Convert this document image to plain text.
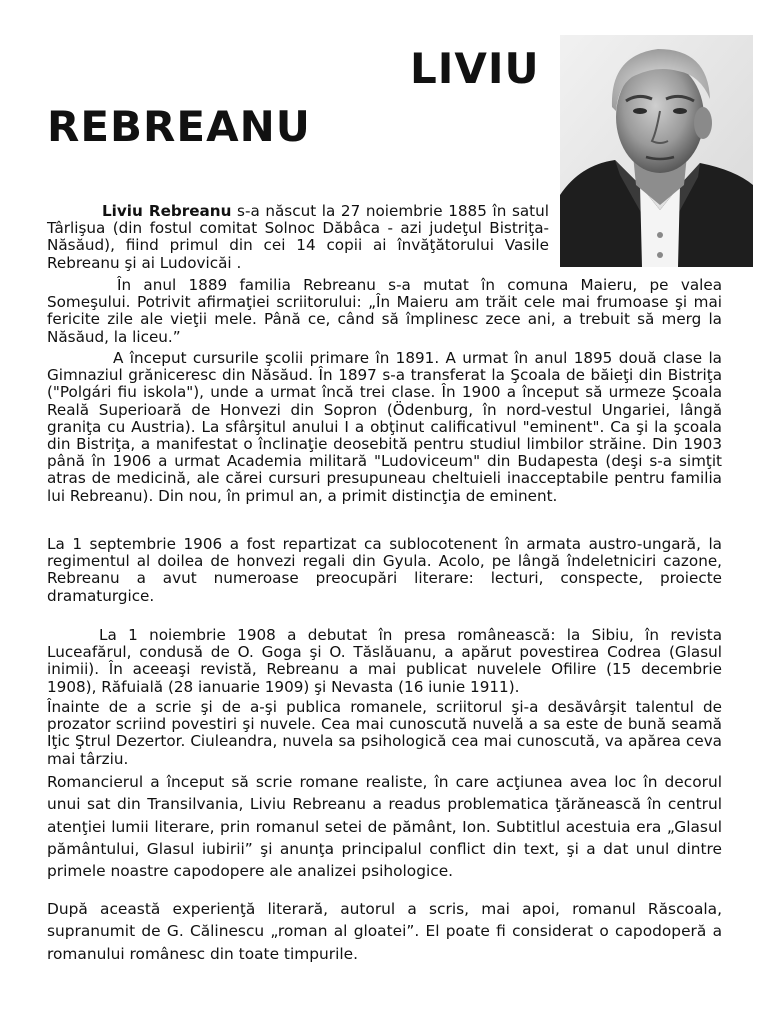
LIVIU
REBREANU

Liviu Rebreanu s-a născut la 27 noiembrie 1885 în satul Târlişua (din fostul comitat Solnoc Dăbâca - azi judeţul Bistriţa-Năsăud), fiind primul din cei 14 copii ai învăţătorului Vasile Rebreanu şi ai Ludovicăi .

În anul 1889 familia Rebreanu s-a mutat în comuna Maieru, pe valea Someşului. Potrivit afirmaţiei scriitorului: „În Maieru am trăit cele mai frumoase şi mai fericite zile ale vieţii mele. Până ce, când să împlinesc zece ani, a trebuit să merg la Năsăud, la liceu.”

A început cursurile şcolii primare în 1891. A urmat în anul 1895 două clase la Gimnaziul grăniceresc din Năsăud. În 1897 s-a transferat la Şcoala de băieţi din Bistriţa ("Polgári fiu iskola"), unde a urmat încă trei clase. În 1900 a început să urmeze Şcoala Reală Superioară de Honvezi din Sopron (Ödenburg, în nord-vestul Ungariei, lângă graniţa cu Austria). La sfârşitul anului I a obţinut calificativul "eminent". Ca şi la şcoala din Bistriţa, a manifestat o înclinaţie deosebită pentru studiul limbilor străine. Din 1903 până în 1906 a urmat Academia militară "Ludoviceum" din Budapesta (deşi s-a simţit atras de medicină, ale cărei cursuri presupuneau cheltuieli inacceptabile pentru familia lui Rebreanu). Din nou, în primul an, a primit distincţia de eminent.

La 1 septembrie 1906 a fost repartizat ca sublocotenent în armata austro-ungară, la regimentul al doilea de honvezi regali din Gyula. Acolo, pe lângă îndeletniciri cazone, Rebreanu a avut numeroase preocupări literare: lecturi, conspecte, proiecte dramaturgice.

La 1 noiembrie 1908 a debutat în presa românească: la Sibiu, în revista Luceafărul, condusă de O. Goga şi O. Tăslăuanu, a apărut povestirea Codrea (Glasul inimii). În aceeaşi revistă, Rebreanu a mai publicat nuvelele Ofilire (15 decembrie 1908), Răfuială (28 ianuarie 1909) şi Nevasta (16 iunie 1911).

Înainte de a scrie şi de a-şi publica romanele, scriitorul şi-a desăvârşit talentul de prozator scriind povestiri şi nuvele. Cea mai cunoscută nuvelă a sa este de bună seamă Iţic Ştrul Dezertor. Ciuleandra, nuvela sa psihologică cea mai cunoscută, va apărea ceva mai târziu.

Romancierul a început să scrie romane realiste, în care acţiunea avea loc în decorul unui sat din Transilvania, Liviu Rebreanu a readus problematica ţărănească în centrul atenţiei lumii literare, prin romanul setei de pământ, Ion. Subtitlul acestuia era „Glasul pământului, Glasul iubirii” şi anunţa principalul conflict din text, şi a dat unul dintre primele noastre capodopere ale analizei psihologice.

După această experienţă literară, autorul a scris, mai apoi, romanul Răscoala, supranumit de G. Călinescu „roman al gloatei”. El poate fi considerat o capodoperă a romanului românesc din toate timpurile.
